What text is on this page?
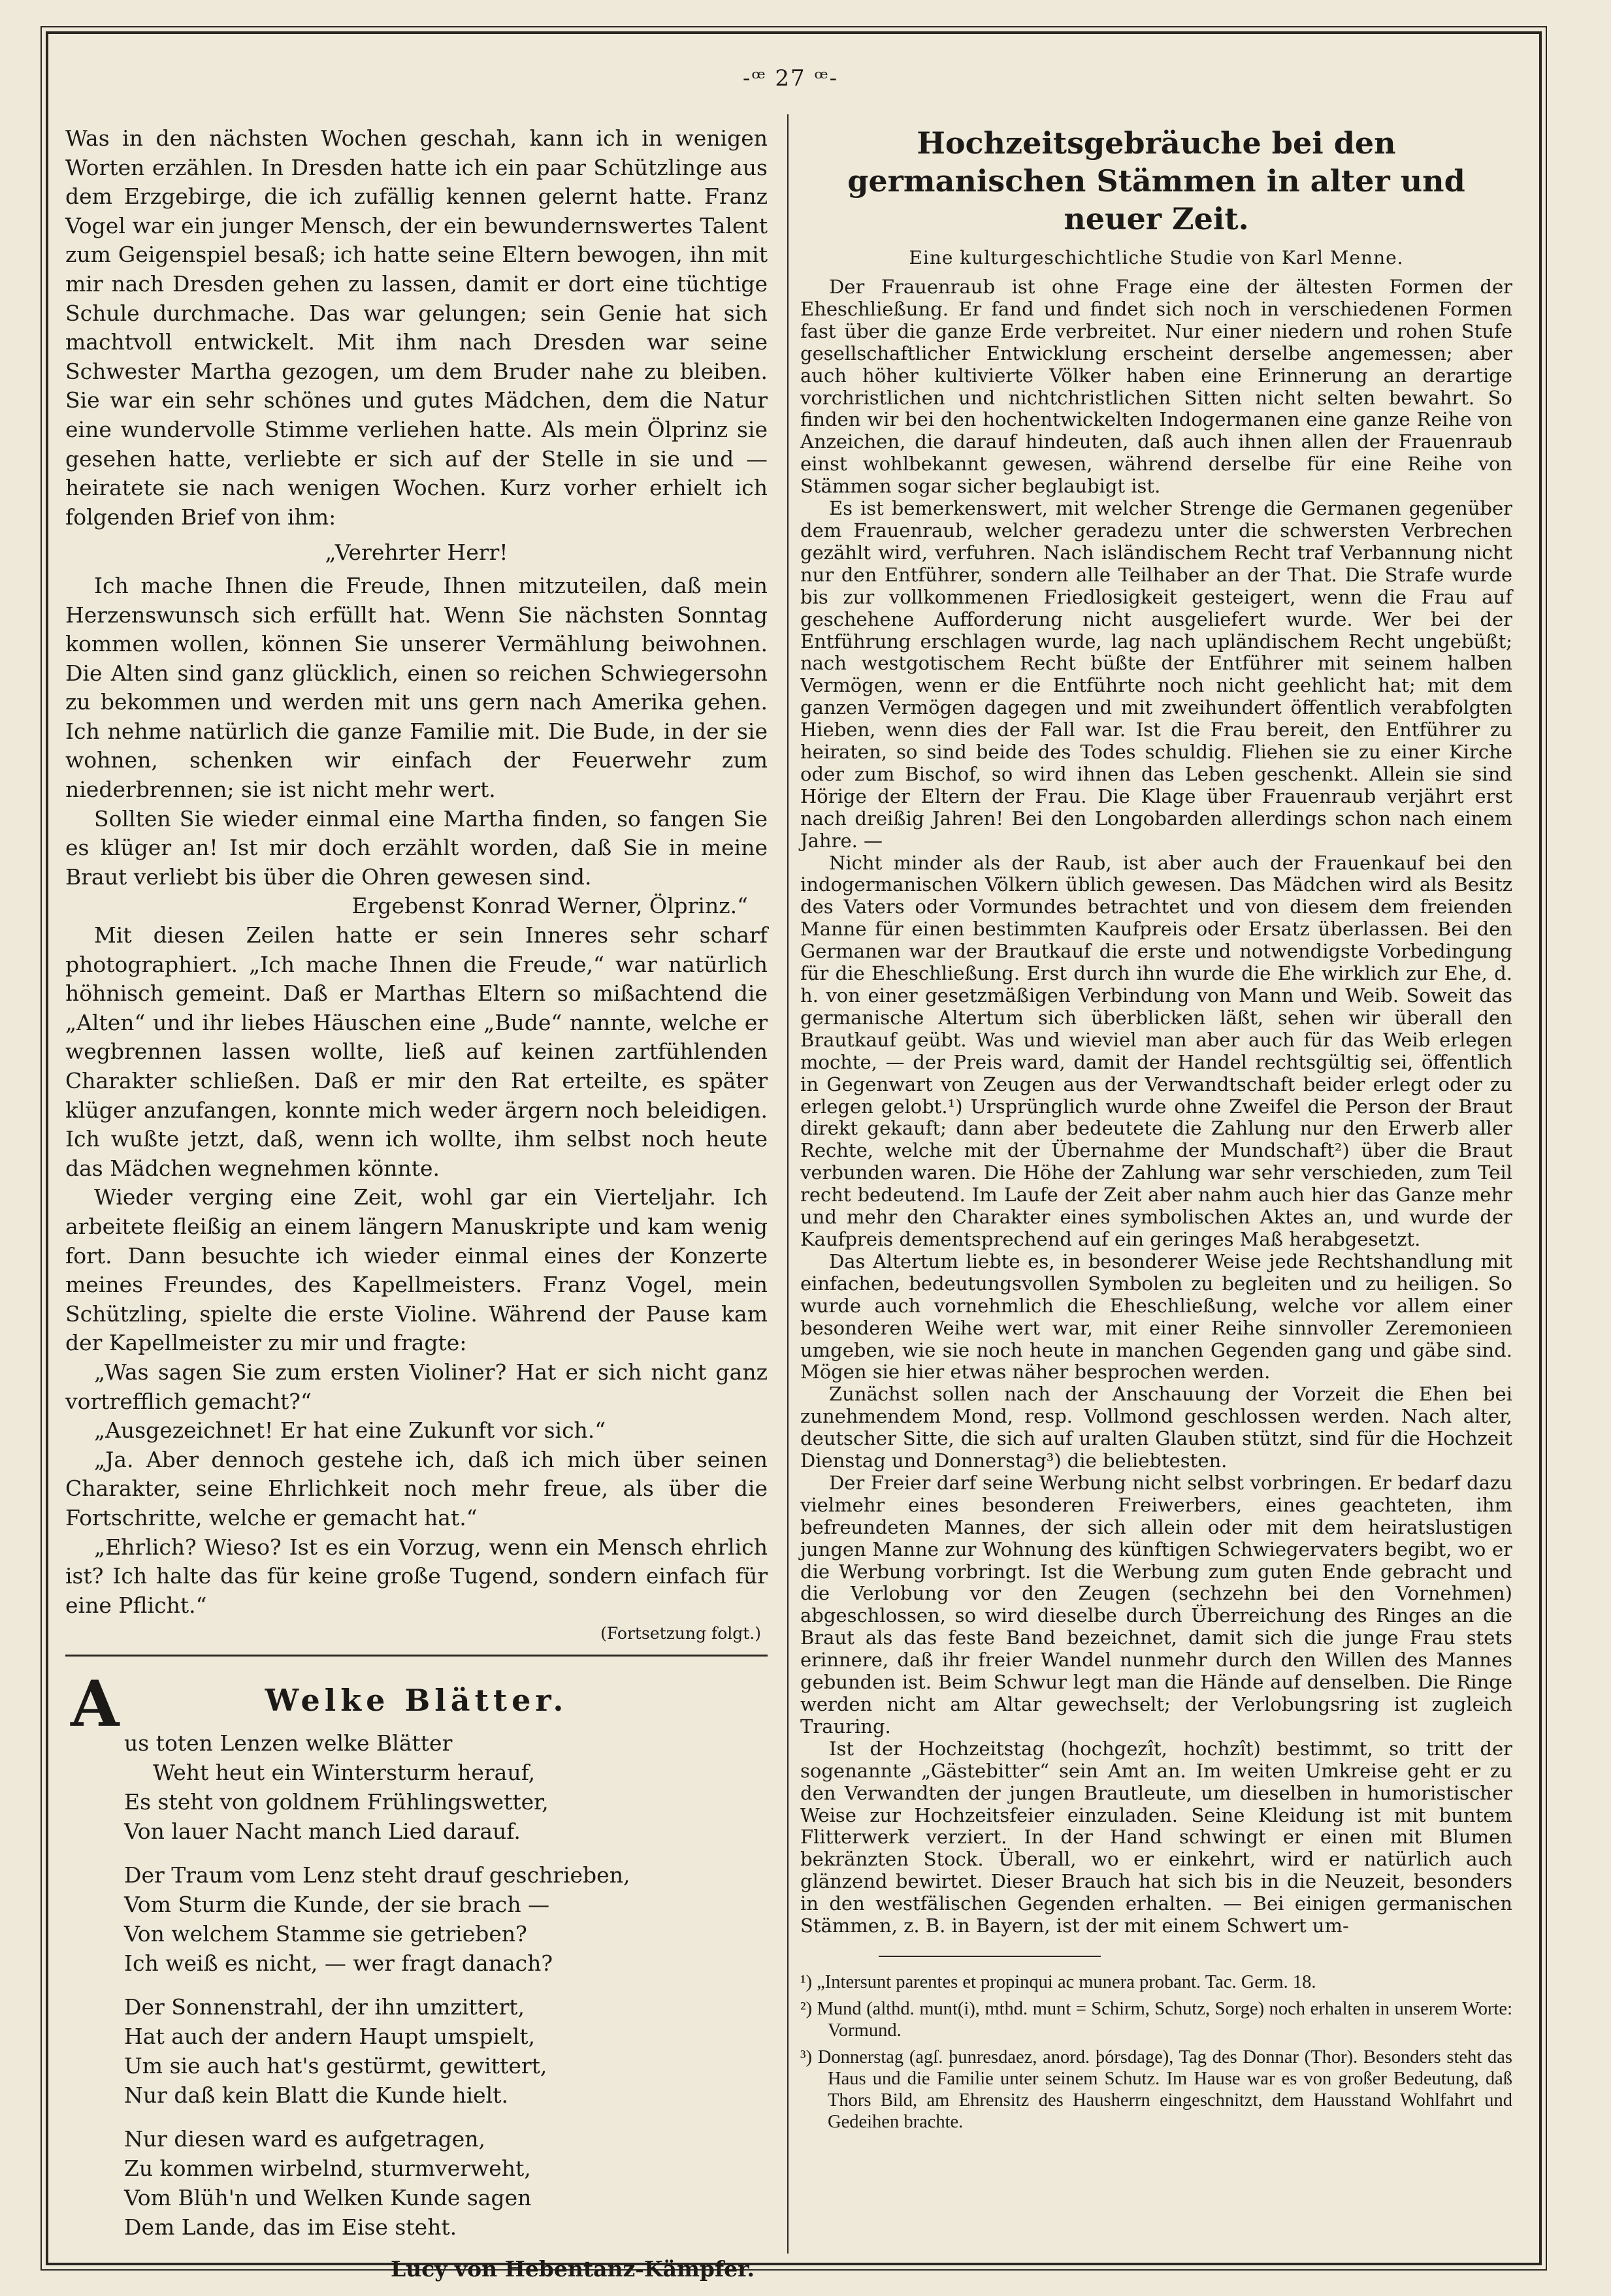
-ꟹ 27 ꟹ-

Was in den nächsten Wochen geschah, kann ich in wenigen Worten erzählen. In Dresden hatte ich ein paar Schützlinge aus dem Erzgebirge, die ich zufällig kennen gelernt hatte. Franz Vogel war ein junger Mensch, der ein bewundernswertes Talent zum Geigenspiel besaß; ich hatte seine Eltern bewogen, ihn mit mir nach Dresden gehen zu lassen, damit er dort eine tüchtige Schule durchmache. Das war gelungen; sein Genie hat sich machtvoll entwickelt. Mit ihm nach Dresden war seine Schwester Martha gezogen, um dem Bruder nahe zu bleiben. Sie war ein sehr schönes und gutes Mädchen, dem die Natur eine wundervolle Stimme verliehen hatte. Als mein Ölprinz sie gesehen hatte, verliebte er sich auf der Stelle in sie und — heiratete sie nach wenigen Wochen. Kurz vorher erhielt ich folgenden Brief von ihm:

„Verehrter Herr!

Ich mache Ihnen die Freude, Ihnen mitzuteilen, daß mein Herzenswunsch sich erfüllt hat. Wenn Sie nächsten Sonntag kommen wollen, können Sie unserer Vermählung beiwohnen. Die Alten sind ganz glücklich, einen so reichen Schwiegersohn zu bekommen und werden mit uns gern nach Amerika gehen. Ich nehme natürlich die ganze Familie mit. Die Bude, in der sie wohnen, schenken wir einfach der Feuerwehr zum niederbrennen; sie ist nicht mehr wert.

Sollten Sie wieder einmal eine Martha finden, so fangen Sie es klüger an! Ist mir doch erzählt worden, daß Sie in meine Braut verliebt bis über die Ohren gewesen sind.

Ergebenst Konrad Werner, Ölprinz.“

Mit diesen Zeilen hatte er sein Inneres sehr scharf photographiert. „Ich mache Ihnen die Freude,“ war natürlich höhnisch gemeint. Daß er Marthas Eltern so mißachtend die „Alten“ und ihr liebes Häuschen eine „Bude“ nannte, welche er wegbrennen lassen wollte, ließ auf keinen zartfühlenden Charakter schließen. Daß er mir den Rat erteilte, es später klüger anzufangen, konnte mich weder ärgern noch beleidigen. Ich wußte jetzt, daß, wenn ich wollte, ihm selbst noch heute das Mädchen wegnehmen könnte.

Wieder verging eine Zeit, wohl gar ein Vierteljahr. Ich arbeitete fleißig an einem längern Manuskripte und kam wenig fort. Dann besuchte ich wieder einmal eines der Konzerte meines Freundes, des Kapellmeisters. Franz Vogel, mein Schützling, spielte die erste Violine. Während der Pause kam der Kapellmeister zu mir und fragte:

„Was sagen Sie zum ersten Violiner? Hat er sich nicht ganz vortrefflich gemacht?“

„Ausgezeichnet! Er hat eine Zukunft vor sich.“

„Ja. Aber dennoch gestehe ich, daß ich mich über seinen Charakter, seine Ehrlichkeit noch mehr freue, als über die Fortschritte, welche er gemacht hat.“

„Ehrlich? Wieso? Ist es ein Vorzug, wenn ein Mensch ehrlich ist? Ich halte das für keine große Tugend, sondern einfach für eine Pflicht.“

(Fortsetzung folgt.)
Welke Blätter.
us toten Lenzen welke Blätter
Weht heut ein Wintersturm herauf,
Es steht von goldnem Frühlingswetter,
Von lauer Nacht manch Lied darauf.
Der Traum vom Lenz steht drauf geschrieben,
Vom Sturm die Kunde, der sie brach —
Von welchem Stamme sie getrieben?
Ich weiß es nicht, — wer fragt danach?
Der Sonnenstrahl, der ihn umzittert,
Hat auch der andern Haupt umspielt,
Um sie auch hat's gestürmt, gewittert,
Nur daß kein Blatt die Kunde hielt.
Nur diesen ward es aufgetragen,
Zu kommen wirbelnd, sturmverweht,
Vom Blüh'n und Welken Kunde sagen
Dem Lande, das im Eise steht.
Lucy von Hebentanz-Kämpfer.
A
Hochzeitsgebräuche bei den germanischen Stämmen in alter und neuer Zeit.
Eine kulturgeschichtliche Studie von Karl Menne.

Der Frauenraub ist ohne Frage eine der ältesten Formen der Eheschließung. Er fand und findet sich noch in verschiedenen Formen fast über die ganze Erde verbreitet. Nur einer niedern und rohen Stufe gesellschaftlicher Entwicklung erscheint derselbe angemessen; aber auch höher kultivierte Völker haben eine Erinnerung an derartige vorchristlichen und nichtchristlichen Sitten nicht selten bewahrt. So finden wir bei den hochentwickelten Indogermanen eine ganze Reihe von Anzeichen, die darauf hindeuten, daß auch ihnen allen der Frauenraub einst wohlbekannt gewesen, während derselbe für eine Reihe von Stämmen sogar sicher beglaubigt ist.

Es ist bemerkenswert, mit welcher Strenge die Germanen gegenüber dem Frauenraub, welcher geradezu unter die schwersten Verbrechen gezählt wird, verfuhren. Nach isländischem Recht traf Verbannung nicht nur den Entführer, sondern alle Teilhaber an der That. Die Strafe wurde bis zur vollkommenen Friedlosigkeit gesteigert, wenn die Frau auf geschehene Aufforderung nicht ausgeliefert wurde. Wer bei der Entführung erschlagen wurde, lag nach upländischem Recht ungebüßt; nach westgotischem Recht büßte der Entführer mit seinem halben Vermögen, wenn er die Entführte noch nicht geehlicht hat; mit dem ganzen Vermögen dagegen und mit zweihundert öffentlich verabfolgten Hieben, wenn dies der Fall war. Ist die Frau bereit, den Entführer zu heiraten, so sind beide des Todes schuldig. Fliehen sie zu einer Kirche oder zum Bischof, so wird ihnen das Leben geschenkt. Allein sie sind Hörige der Eltern der Frau. Die Klage über Frauenraub verjährt erst nach dreißig Jahren! Bei den Longobarden allerdings schon nach einem Jahre. —

Nicht minder als der Raub, ist aber auch der Frauenkauf bei den indogermanischen Völkern üblich gewesen. Das Mädchen wird als Besitz des Vaters oder Vormundes betrachtet und von diesem dem freienden Manne für einen bestimmten Kaufpreis oder Ersatz überlassen. Bei den Germanen war der Brautkauf die erste und notwendigste Vorbedingung für die Eheschließung. Erst durch ihn wurde die Ehe wirklich zur Ehe, d. h. von einer gesetzmäßigen Verbindung von Mann und Weib. Soweit das germanische Altertum sich überblicken läßt, sehen wir überall den Brautkauf geübt. Was und wieviel man aber auch für das Weib erlegen mochte, — der Preis ward, damit der Handel rechtsgültig sei, öffentlich in Gegenwart von Zeugen aus der Verwandtschaft beider erlegt oder zu erlegen gelobt.¹) Ursprünglich wurde ohne Zweifel die Person der Braut direkt gekauft; dann aber bedeutete die Zahlung nur den Erwerb aller Rechte, welche mit der Übernahme der Mundschaft²) über die Braut verbunden waren. Die Höhe der Zahlung war sehr verschieden, zum Teil recht bedeutend. Im Laufe der Zeit aber nahm auch hier das Ganze mehr und mehr den Charakter eines symbolischen Aktes an, und wurde der Kaufpreis dementsprechend auf ein geringes Maß herabgesetzt.

Das Altertum liebte es, in besonderer Weise jede Rechtshandlung mit einfachen, bedeutungsvollen Symbolen zu begleiten und zu heiligen. So wurde auch vornehmlich die Eheschließung, welche vor allem einer besonderen Weihe wert war, mit einer Reihe sinnvoller Zeremonieen umgeben, wie sie noch heute in manchen Gegenden gang und gäbe sind. Mögen sie hier etwas näher besprochen werden.

Zunächst sollen nach der Anschauung der Vorzeit die Ehen bei zunehmendem Mond, resp. Vollmond geschlossen werden. Nach alter, deutscher Sitte, die sich auf uralten Glauben stützt, sind für die Hochzeit Dienstag und Donnerstag³) die beliebtesten.

Der Freier darf seine Werbung nicht selbst vorbringen. Er bedarf dazu vielmehr eines besonderen Freiwerbers, eines geachteten, ihm befreundeten Mannes, der sich allein oder mit dem heiratslustigen jungen Manne zur Wohnung des künftigen Schwiegervaters begibt, wo er die Werbung vorbringt. Ist die Werbung zum guten Ende gebracht und die Verlobung vor den Zeugen (sechzehn bei den Vornehmen) abgeschlossen, so wird dieselbe durch Überreichung des Ringes an die Braut als das feste Band bezeichnet, damit sich die junge Frau stets erinnere, daß ihr freier Wandel nunmehr durch den Willen des Mannes gebunden ist. Beim Schwur legt man die Hände auf denselben. Die Ringe werden nicht am Altar gewechselt; der Verlobungsring ist zugleich Trauring.

Ist der Hochzeitstag (hochgezît, hochzît) bestimmt, so tritt der sogenannte „Gästebitter“ sein Amt an. Im weiten Umkreise geht er zu den Verwandten der jungen Brautleute, um dieselben in humoristischer Weise zur Hochzeitsfeier einzuladen. Seine Kleidung ist mit buntem Flitterwerk verziert. In der Hand schwingt er einen mit Blumen bekränzten Stock. Überall, wo er einkehrt, wird er natürlich auch glänzend bewirtet. Dieser Brauch hat sich bis in die Neuzeit, besonders in den westfälischen Gegenden erhalten. — Bei einigen germanischen Stämmen, z. B. in Bayern, ist der mit einem Schwert um-

¹) „Intersunt parentes et propinqui ac munera probant. Tac. Germ. 18.

²) Mund (althd. munt(i), mthd. munt = Schirm, Schutz, Sorge) noch erhalten in unserem Worte: Vormund.

³) Donnerstag (agſ. þunresdaez, anord. þórsdage), Tag des Donnar (Thor). Besonders steht das Haus und die Familie unter seinem Schutz. Im Hause war es von großer Bedeutung, daß Thors Bild, am Ehrensitz des Hausherrn eingeschnitzt, dem Hausstand Wohlfahrt und Gedeihen brachte.
